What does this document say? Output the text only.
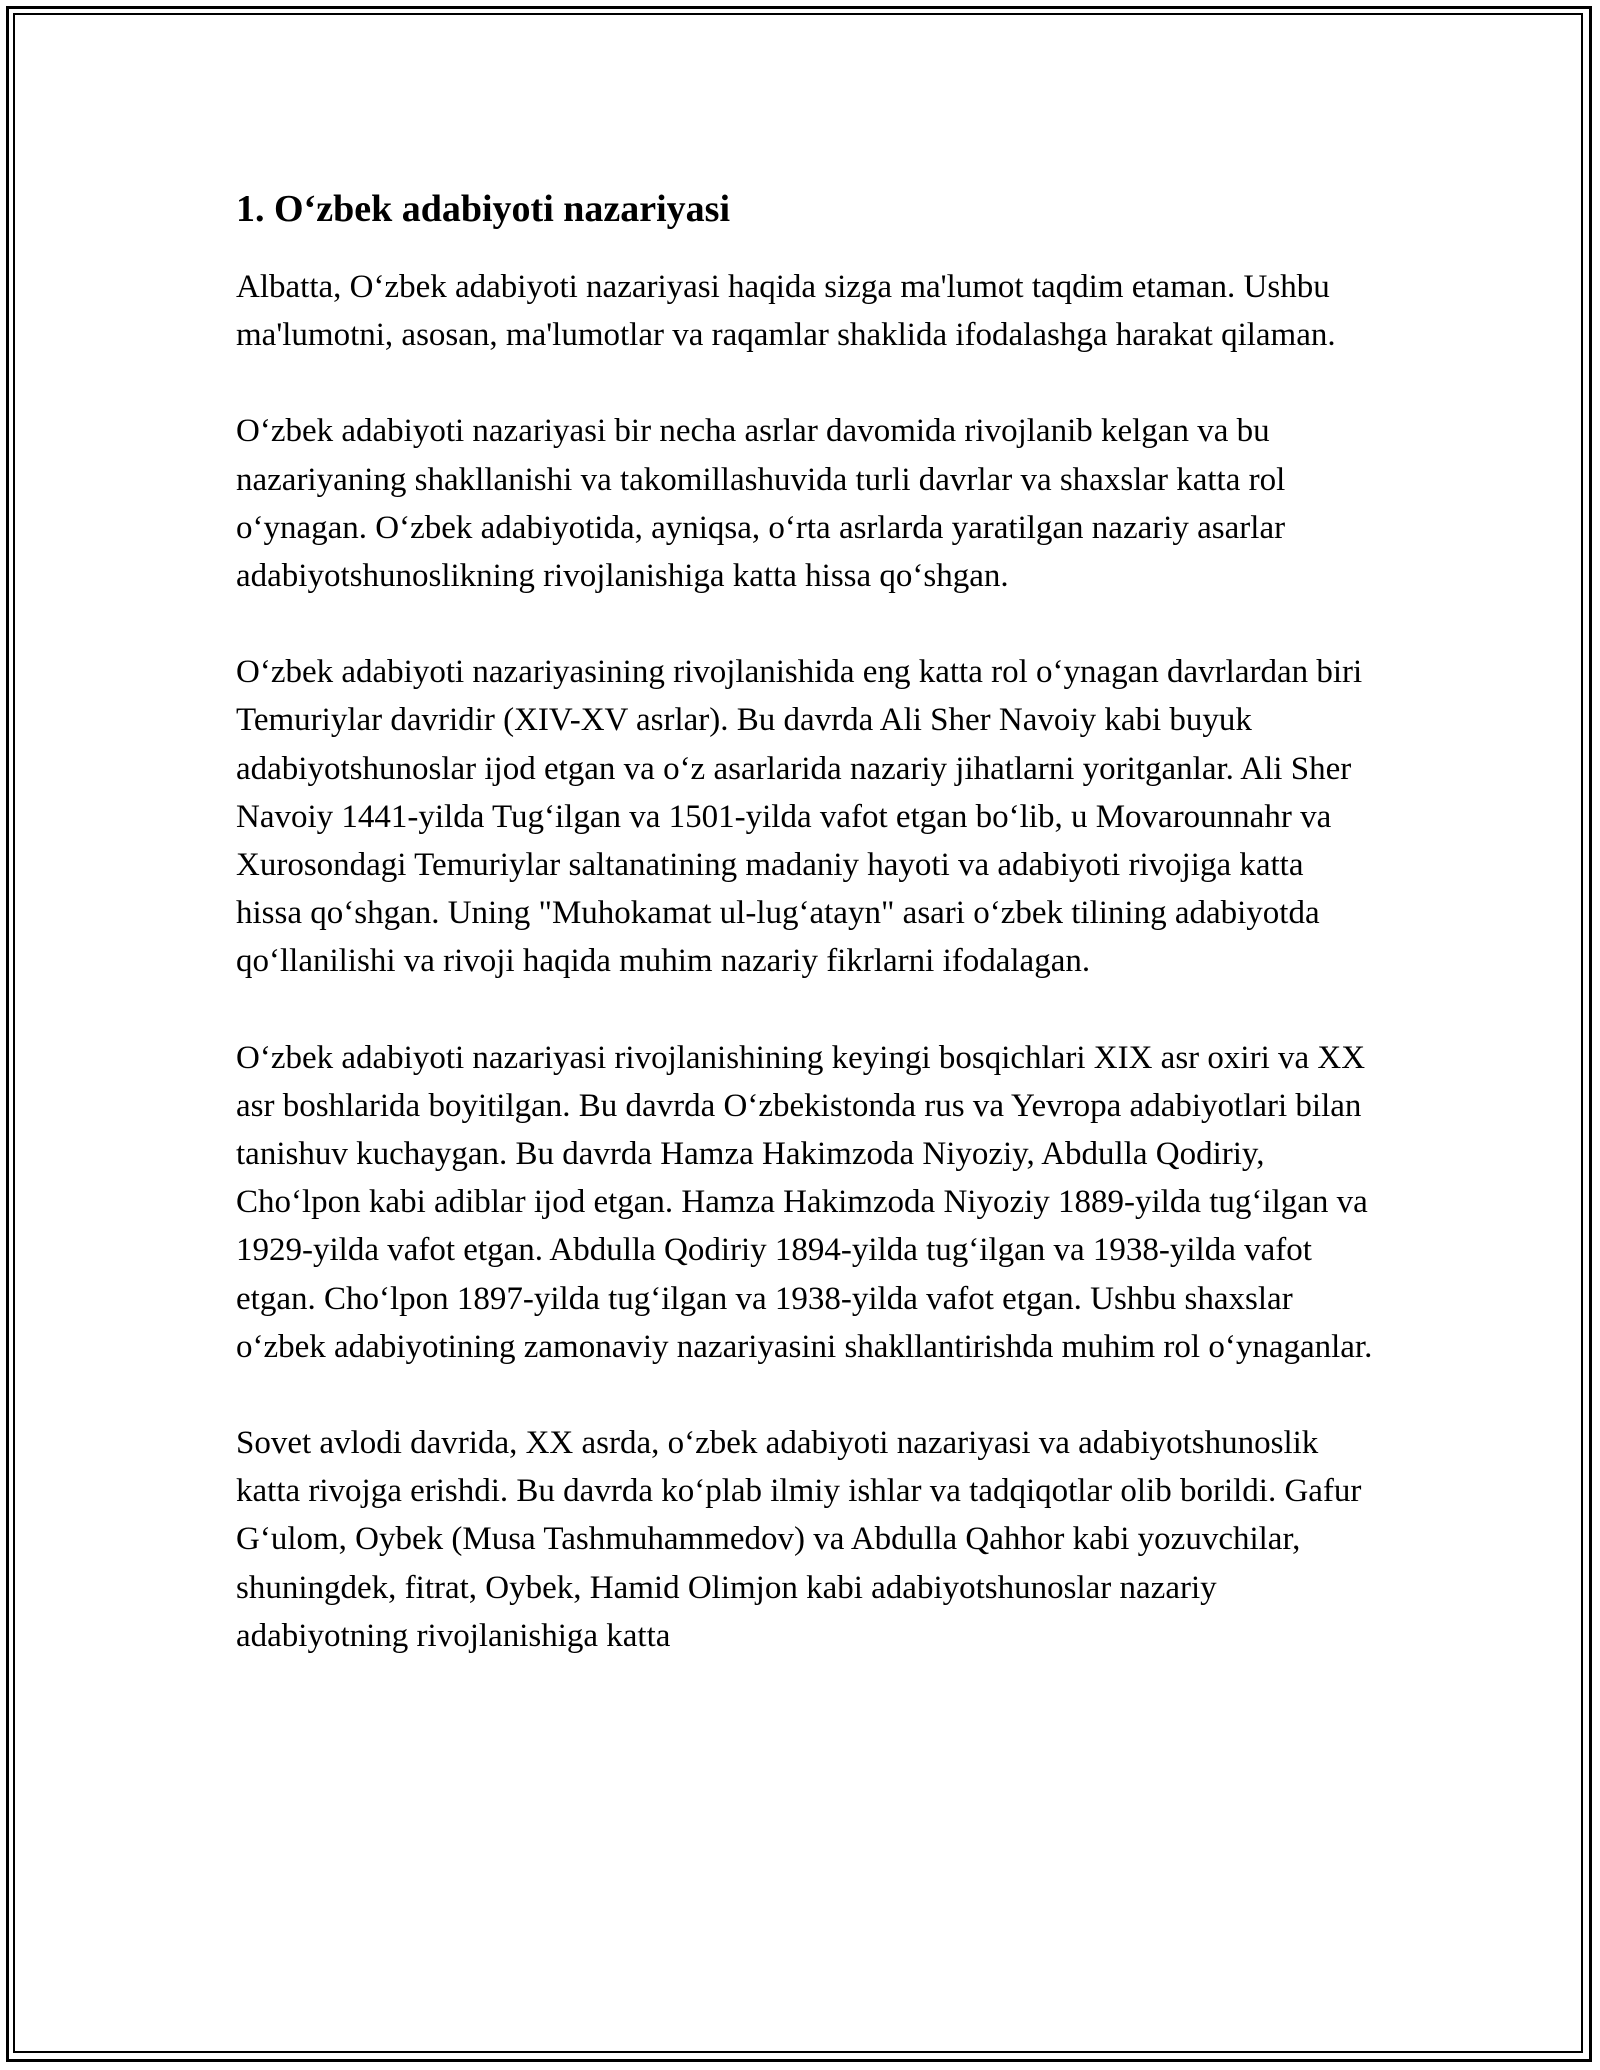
1. O‘zbek adabiyoti nazariyasi

Albatta, O‘zbek adabiyoti nazariyasi haqida sizga ma'lumot taqdim etaman. Ushbu ma'lumotni, asosan, ma'lumotlar va raqamlar shaklida ifodalashga harakat qilaman.

O‘zbek adabiyoti nazariyasi bir necha asrlar davomida rivojlanib kelgan va bu nazariyaning shakllanishi va takomillashuvida turli davrlar va shaxslar katta rol o‘ynagan. O‘zbek adabiyotida, ayniqsa, o‘rta asrlarda yaratilgan nazariy asarlar adabiyotshunoslikning rivojlanishiga katta hissa qo‘shgan.

O‘zbek adabiyoti nazariyasining rivojlanishida eng katta rol o‘ynagan davrlardan biri Temuriylar davridir (XIV-XV asrlar). Bu davrda Ali Sher Navoiy kabi buyuk adabiyotshunoslar ijod etgan va o‘z asarlarida nazariy jihatlarni yoritganlar. Ali Sher Navoiy 1441-yilda Tug‘ilgan va 1501-yilda vafot etgan bo‘lib, u Movarounnahr va Xurosondagi Temuriylar saltanatining madaniy hayoti va adabiyoti rivojiga katta hissa qo‘shgan. Uning "Muhokamat ul-lug‘atayn" asari o‘zbek tilining adabiyotda qo‘llanilishi va rivoji haqida muhim nazariy fikrlarni ifodalagan.

O‘zbek adabiyoti nazariyasi rivojlanishining keyingi bosqichlari XIX asr oxiri va XX asr boshlarida boyitilgan. Bu davrda O‘zbekistonda rus va Yevropa adabiyotlari bilan tanishuv kuchaygan. Bu davrda Hamza Hakimzoda Niyoziy, Abdulla Qodiriy, Cho‘lpon kabi adiblar ijod etgan. Hamza Hakimzoda Niyoziy 1889-yilda tug‘ilgan va 1929-yilda vafot etgan. Abdulla Qodiriy 1894-yilda tug‘ilgan va 1938-yilda vafot etgan. Cho‘lpon 1897-yilda tug‘ilgan va 1938-yilda vafot etgan. Ushbu shaxslar o‘zbek adabiyotining zamonaviy nazariyasini shakllantirishda muhim rol o‘ynaganlar.

Sovet avlodi davrida, XX asrda, o‘zbek adabiyoti nazariyasi va adabiyotshunoslik katta rivojga erishdi. Bu davrda ko‘plab ilmiy ishlar va tadqiqotlar olib borildi. Gafur G‘ulom, Oybek (Musa Tashmuhammedov) va Abdulla Qahhor kabi yozuvchilar, shuningdek, fitrat, Oybek, Hamid Olimjon kabi adabiyotshunoslar nazariy adabiyotning rivojlanishiga katta
